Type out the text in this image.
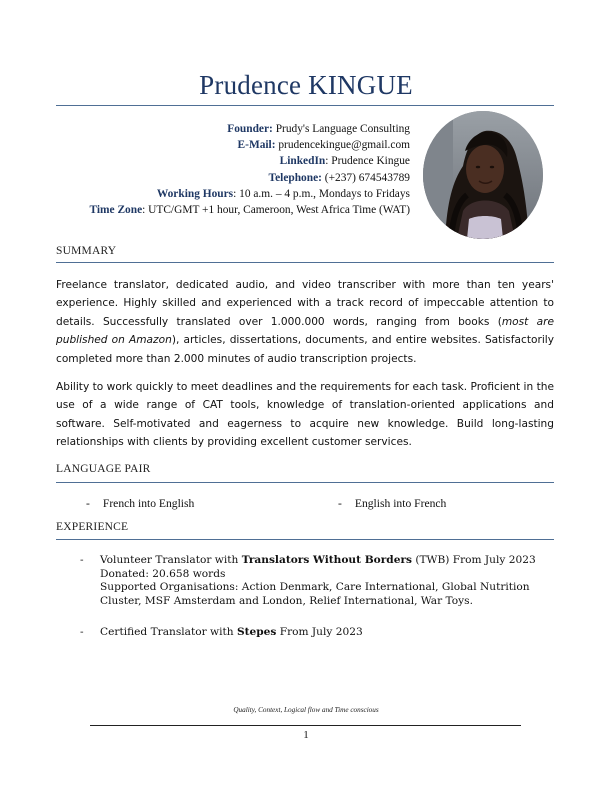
Prudence KINGUE
Founder: Prudy's Language Consulting
E-Mail: prudencekingue@gmail.com
LinkedIn: Prudence Kingue
Telephone: (+237) 674543789
Working Hours: 10 a.m. – 4 p.m., Mondays to Fridays
Time Zone: UTC/GMT +1 hour, Cameroon, West Africa Time (WAT)
SUMMARY
Freelance translator, dedicated audio, and video transcriber with more than ten years' experience. Highly skilled and experienced with a track record of impeccable attention to details. Successfully translated over 1.000.000 words, ranging from books (most are published on Amazon), articles, dissertations, documents, and entire websites. Satisfactorily completed more than 2.000 minutes of audio transcription projects.
Ability to work quickly to meet deadlines and the requirements for each task. Proficient in the use of a wide range of CAT tools, knowledge of translation-oriented applications and software. Self-motivated and eagerness to acquire new knowledge. Build long-lasting relationships with clients by providing excellent customer services.
LANGUAGE PAIR
- French into English	- English into French
EXPERIENCE
- Volunteer Translator with Translators Without Borders (TWB) From July 2023
Donated: 20.658 words
Supported Organisations: Action Denmark, Care International, Global Nutrition Cluster, MSF Amsterdam and London, Relief International, War Toys.
- Certified Translator with Stepes From July 2023
Quality, Context, Logical flow and Time conscious
1
